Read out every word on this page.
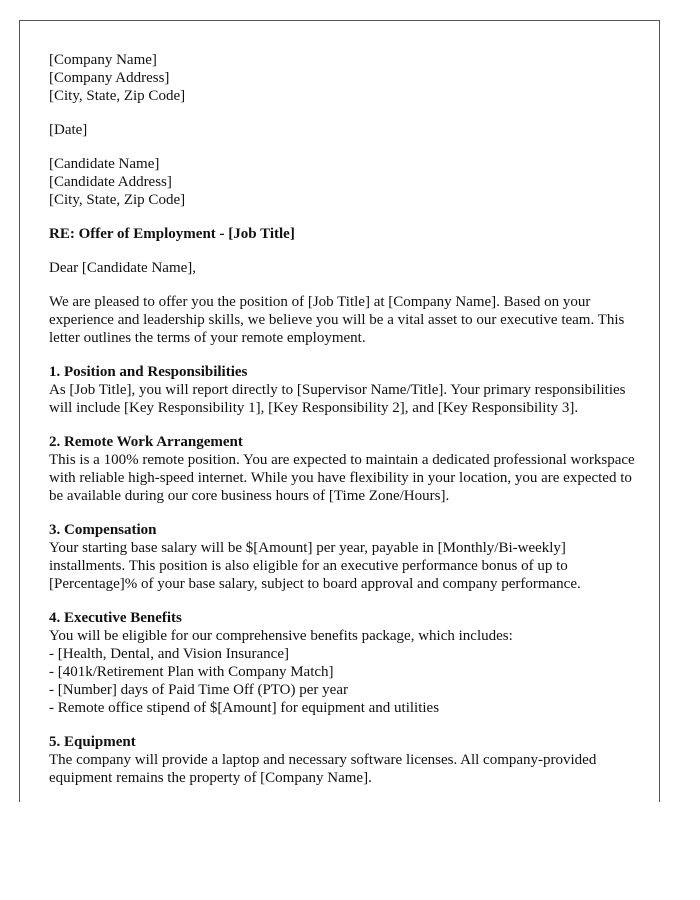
[Company Name]
[Company Address]
[City, State, Zip Code]
[Date]
[Candidate Name]
[Candidate Address]
[City, State, Zip Code]

RE: Offer of Employment - [Job Title]

Dear [Candidate Name],

We are pleased to offer you the position of [Job Title] at [Company Name]. Based on your experience and leadership skills, we believe you will be a vital asset to our executive team. This letter outlines the terms of your remote employment.

1. Position and Responsibilities
As [Job Title], you will report directly to [Supervisor Name/Title]. Your primary responsibilities will include [Key Responsibility 1], [Key Responsibility 2], and [Key Responsibility 3].
2. Remote Work Arrangement
This is a 100% remote position. You are expected to maintain a dedicated professional workspace with reliable high-speed internet. While you have flexibility in your location, you are expected to be available during our core business hours of [Time Zone/Hours].
3. Compensation
Your starting base salary will be $[Amount] per year, payable in [Monthly/Bi-weekly] installments. This position is also eligible for an executive performance bonus of up to [Percentage]% of your base salary, subject to board approval and company performance.
4. Executive Benefits
You will be eligible for our comprehensive benefits package, which includes:
- [Health, Dental, and Vision Insurance]
- [401k/Retirement Plan with Company Match]
- [Number] days of Paid Time Off (PTO) per year
- Remote office stipend of $[Amount] for equipment and utilities
5. Equipment
The company will provide a laptop and necessary software licenses. All company-provided equipment remains the property of [Company Name].
